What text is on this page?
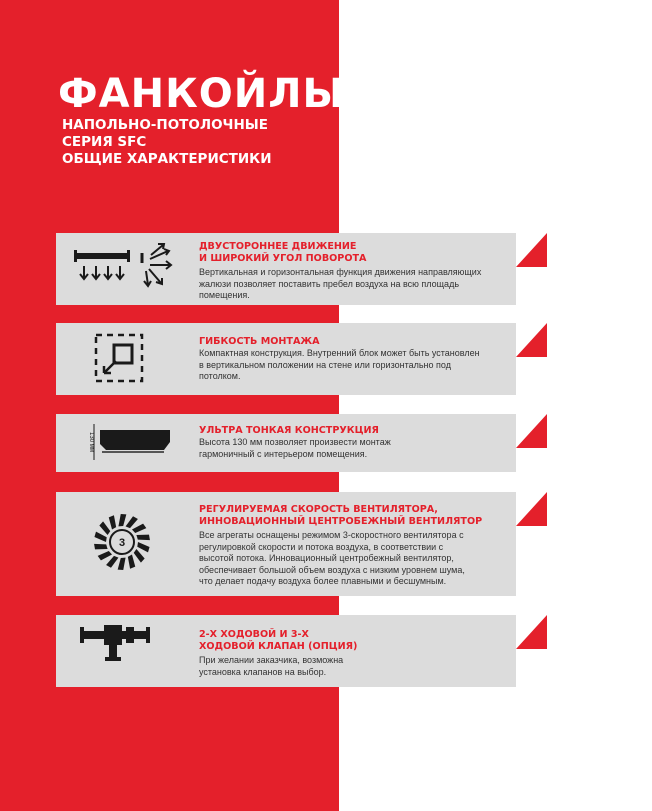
ФАНКОЙЛЫ
НАПОЛЬНО-ПОТОЛОЧНЫЕ
СЕРИЯ SFC
ОБЩИЕ ХАРАКТЕРИСТИКИ
ДВУСТОРОННЕЕ ДВИЖЕНИЕ
И ШИРОКИЙ УГОЛ ПОВОРОТА
Вертикальная и горизонтальная функция движения направляющих
жалюзи позволяет поставить пребел воздуха на всю площадь
помещения.
ГИБКОСТЬ МОНТАЖА
Компактная конструкция. Внутренний блок может быть установлен
в вертикальном положении на стене или горизонтально под
потолком.
130 мм
УЛЬТРА ТОНКАЯ КОНСТРУКЦИЯ
Высота 130 мм позволяет произвести монтаж
гармоничный с интерьером помещения.
3
РЕГУЛИРУЕМАЯ СКОРОСТЬ ВЕНТИЛЯТОРА,
ИННОВАЦИОННЫЙ ЦЕНТРОБЕЖНЫЙ ВЕНТИЛЯТОР
Все агрегаты оснащены режимом 3-скоростного вентилятора с
регулировкой скорости и потока воздуха, в соответствии с
высотой потока. Инновационный центробежный вентилятор,
обеспечивает большой объем воздуха с низким уровнем шума,
что делает подачу воздуха более плавными и бесшумным.
2-Х ХОДОВОЙ И 3-Х
ХОДОВОЙ КЛАПАН (ОПЦИЯ)
При желании заказчика, возможна
установка клапанов на выбор.
